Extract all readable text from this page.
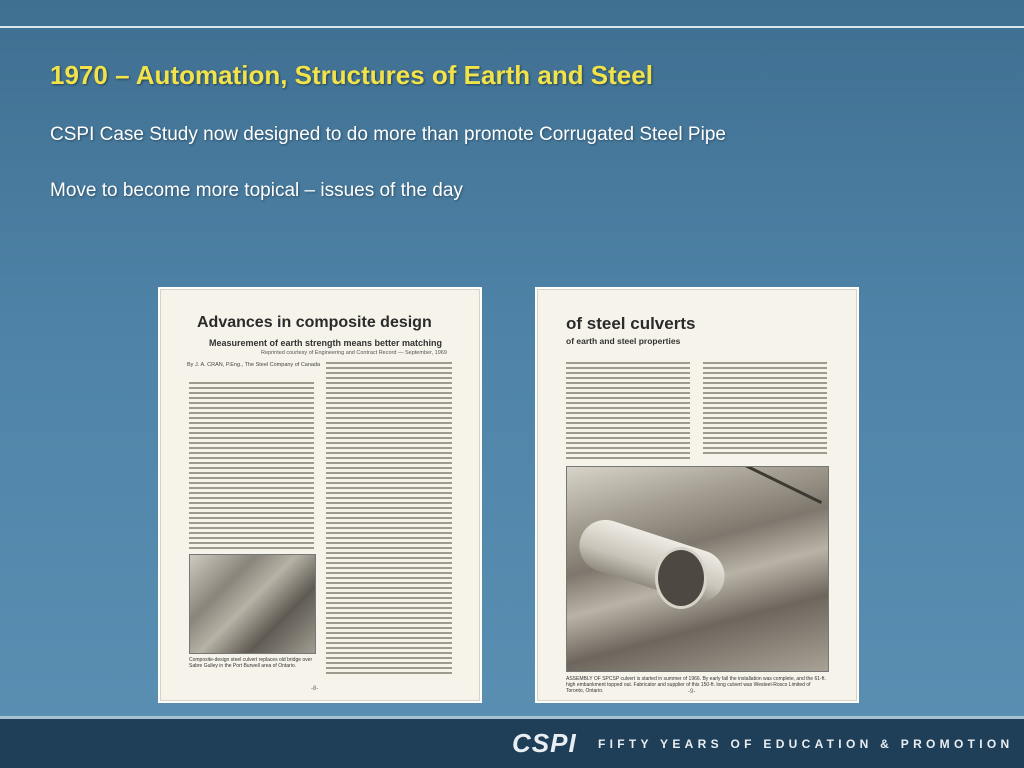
1970 – Automation, Structures of Earth and Steel

CSPI Case Study now designed to do more than promote Corrugated Steel Pipe

Move to become more topical – issues of the day

Advances in composite design

Measurement of earth strength means better matching

Reprinted courtesy of Engineering and Contract Record — September, 1969

By J. A. CRAN, P.Eng., The Steel Company of Canada

Composite-design steel culvert replaces old bridge over Sabre Gulley in the Port Burwell area of Ontario.

-8-

of steel culverts

of earth and steel properties

ASSEMBLY OF SPCSP culvert is started in summer of 1966. By early fall the installation was complete, and the 61-ft. high embankment topped out. Fabricator and supplier of this 150-ft. long culvert was Westeel-Rosco Limited of Toronto, Ontario.	-9-

CSPI FIFTY YEARS OF EDUCATION & PROMOTION
